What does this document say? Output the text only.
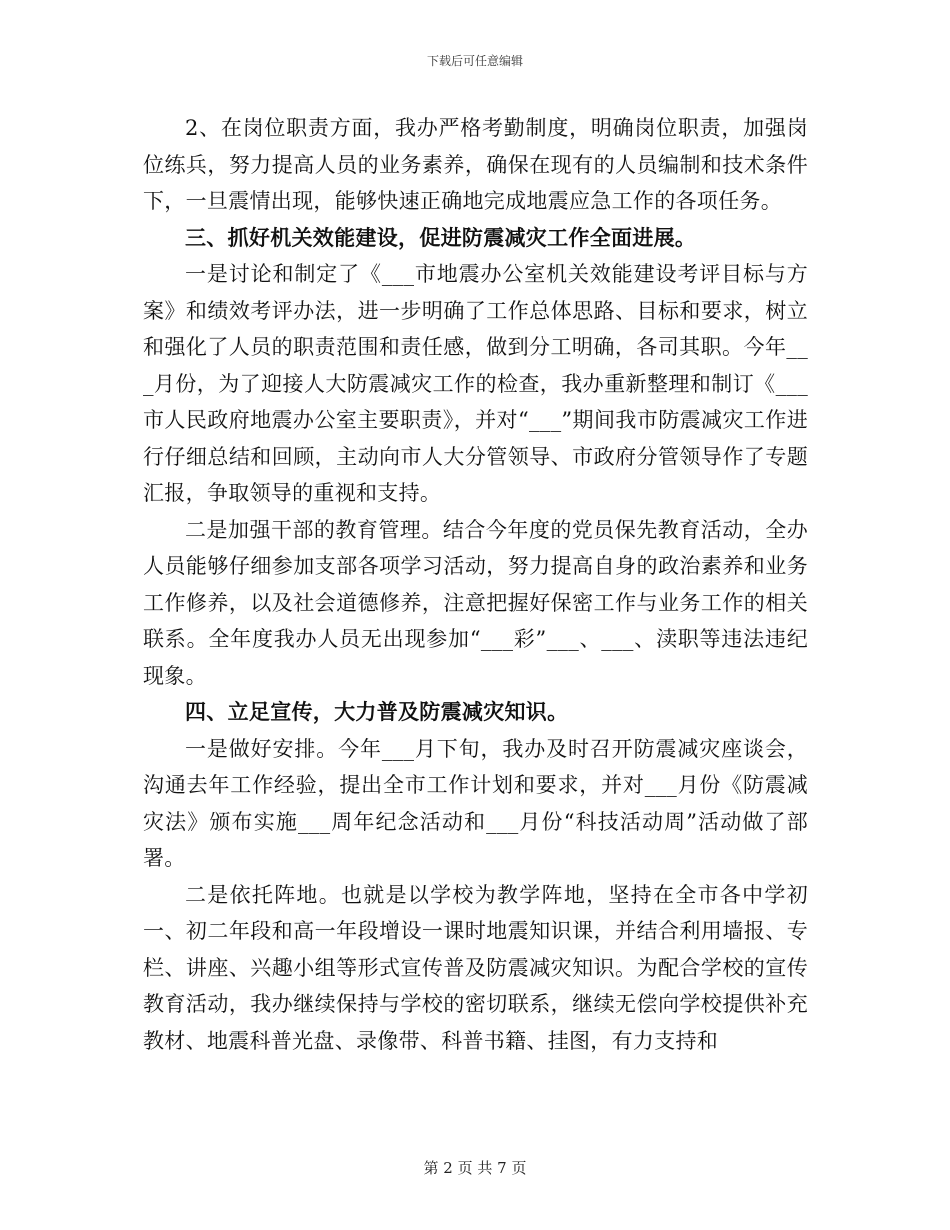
下载后可任意编辑

2、在岗位职责方面，我办严格考勤制度，明确岗位职责，加强岗位练兵，努力提高人员的业务素养，确保在现有的人员编制和技术条件下，一旦震情出现，能够快速正确地完成地震应急工作的各项任务。

三、抓好机关效能建设，促进防震减灾工作全面进展。

一是讨论和制定了《___市地震办公室机关效能建设考评目标与方案》和绩效考评办法，进一步明确了工作总体思路、目标和要求，树立和强化了人员的职责范围和责任感，做到分工明确，各司其职。今年___月份，为了迎接人大防震减灾工作的检查，我办重新整理和制订《___市人民政府地震办公室主要职责》，并对“___”期间我市防震减灾工作进行仔细总结和回顾，主动向市人大分管领导、市政府分管领导作了专题汇报，争取领导的重视和支持。

二是加强干部的教育管理。结合今年度的党员保先教育活动，全办人员能够仔细参加支部各项学习活动，努力提高自身的政治素养和业务工作修养，以及社会道德修养，注意把握好保密工作与业务工作的相关联系。全年度我办人员无出现参加“___彩”___、___、渎职等违法违纪现象。

四、立足宣传，大力普及防震减灾知识。

一是做好安排。今年___月下旬，我办及时召开防震减灾座谈会，沟通去年工作经验，提出全市工作计划和要求，并对___月份《防震减灾法》颁布实施___周年纪念活动和___月份“科技活动周”活动做了部署。

二是依托阵地。也就是以学校为教学阵地，坚持在全市各中学初一、初二年段和高一年段增设一课时地震知识课，并结合利用墙报、专栏、讲座、兴趣小组等形式宣传普及防震减灾知识。为配合学校的宣传教育活动，我办继续保持与学校的密切联系，继续无偿向学校提供补充教材、地震科普光盘、录像带、科普书籍、挂图，有力支持和

第 2 页 共 7 页
